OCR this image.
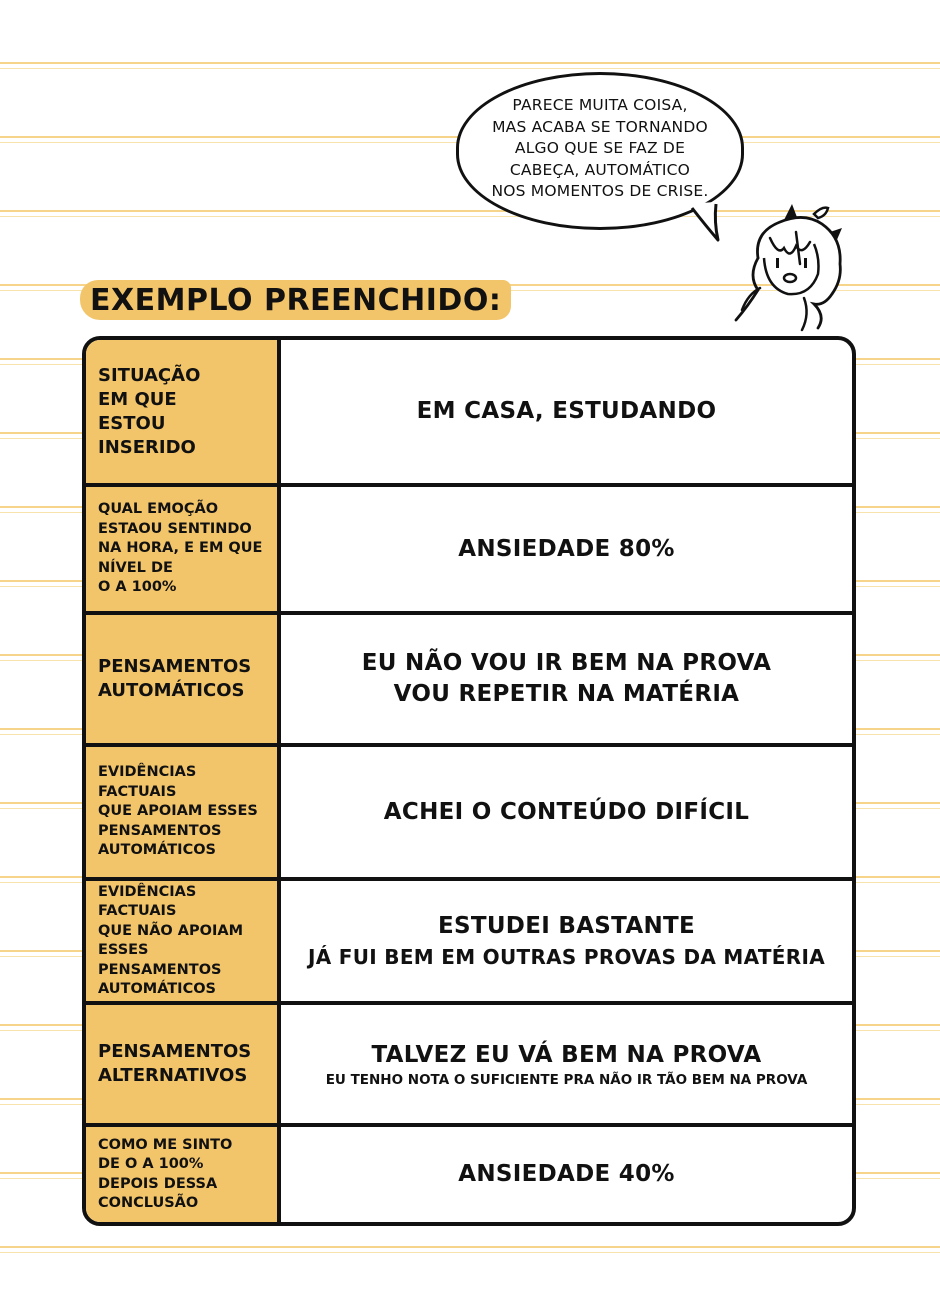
PARECE MUITA COISA,
MAS ACABA SE TORNANDO
ALGO QUE SE FAZ DE
CABEÇA, AUTOMÁTICO
NOS MOMENTOS DE CRISE.
EXEMPLO PREENCHIDO:
SITUAÇÃO
EM QUE
ESTOU
INSERIDO
EM CASA, ESTUDANDO
QUAL EMOÇÃO
ESTAOU SENTINDO
NA HORA, E EM QUE
NÍVEL DE
O A 100%
ANSIEDADE 80%
PENSAMENTOS
AUTOMÁTICOS
EU NÃO VOU IR BEM NA PROVA
VOU REPETIR NA MATÉRIA
EVIDÊNCIAS
FACTUAIS
QUE APOIAM ESSES
PENSAMENTOS
AUTOMÁTICOS
ACHEI O CONTEÚDO DIFÍCIL
EVIDÊNCIAS
FACTUAIS
QUE NÃO APOIAM
ESSES PENSAMENTOS
AUTOMÁTICOS
ESTUDEI BASTANTE
JÁ FUI BEM EM OUTRAS PROVAS DA MATÉRIA
PENSAMENTOS
ALTERNATIVOS
TALVEZ EU VÁ BEM NA PROVA
EU TENHO NOTA O SUFICIENTE PRA NÃO IR TÃO BEM NA PROVA
COMO ME SINTO
DE O A 100%
DEPOIS DESSA
CONCLUSÃO
ANSIEDADE 40%
